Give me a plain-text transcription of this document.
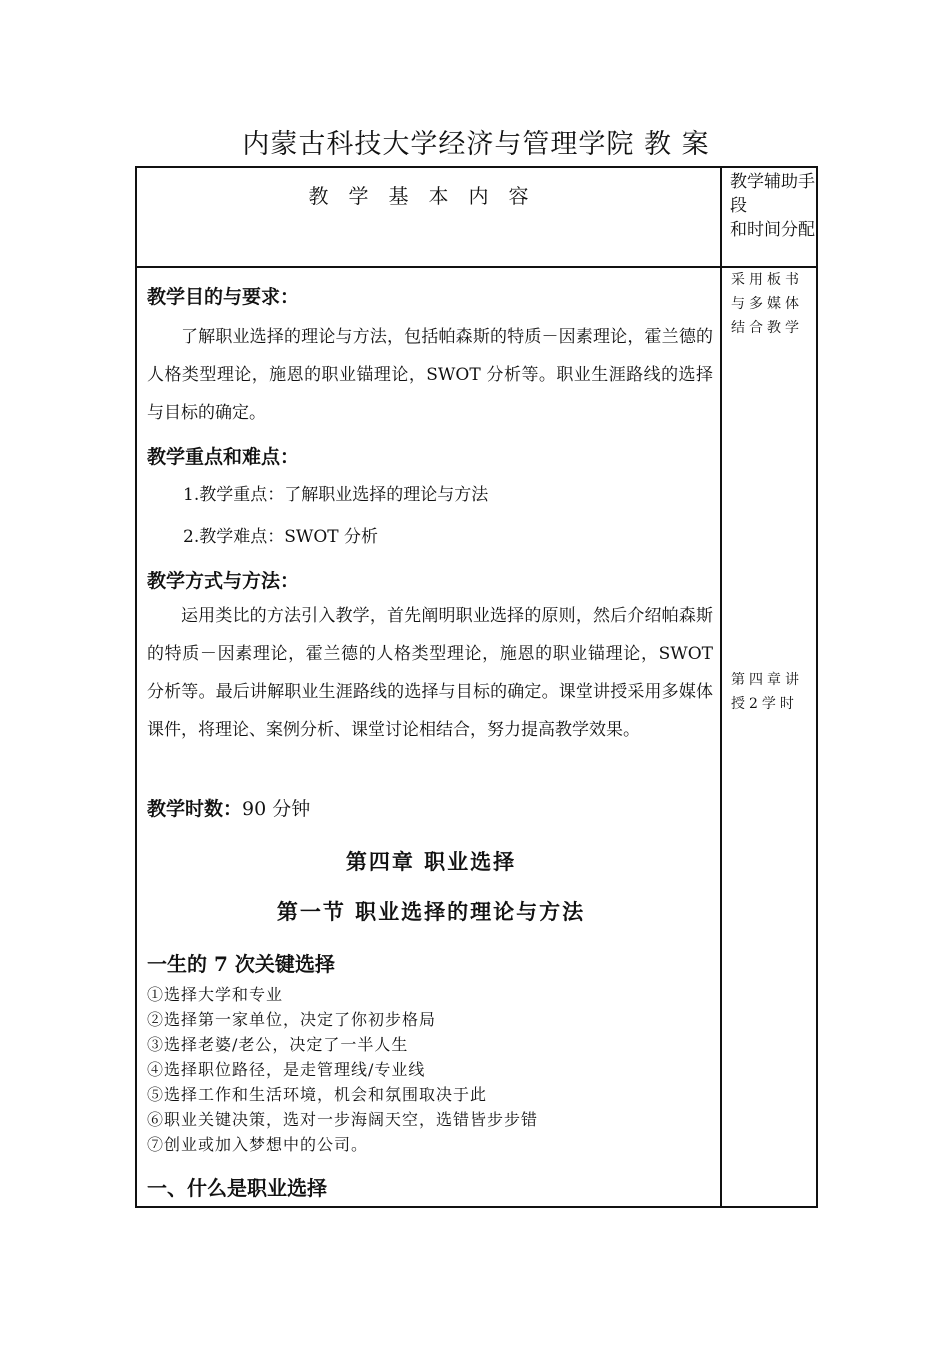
内蒙古科技大学经济与管理学院 教 案
教学基本内容
教学辅助手段
和时间分配
采用板书
与多媒体
结合教学
第四章讲
授2学时
教学目的与要求：

了解职业选择的理论与方法，包括帕森斯的特质－因素理论，霍兰德的人格类型理论，施恩的职业锚理论，SWOT 分析等。职业生涯路线的选择与目标的确定。

教学重点和难点：
1.教学重点：了解职业选择的理论与方法
2.教学难点：SWOT 分析
教学方式与方法：

运用类比的方法引入教学，首先阐明职业选择的原则，然后介绍帕森斯的特质－因素理论，霍兰德的人格类型理论，施恩的职业锚理论，SWOT 分析等。最后讲解职业生涯路线的选择与目标的确定。课堂讲授采用多媒体课件，将理论、案例分析、课堂讨论相结合，努力提高教学效果。

教学时数：90 分钟
第四章 职业选择
第一节 职业选择的理论与方法
一生的 7 次关键选择
①选择大学和专业
②选择第一家单位，决定了你初步格局
③选择老婆/老公，决定了一半人生
④选择职位路径，是走管理线/专业线
⑤选择工作和生活环境，机会和氛围取决于此
⑥职业关键决策，选对一步海阔天空，选错皆步步错
⑦创业或加入梦想中的公司。
一、什么是职业选择
